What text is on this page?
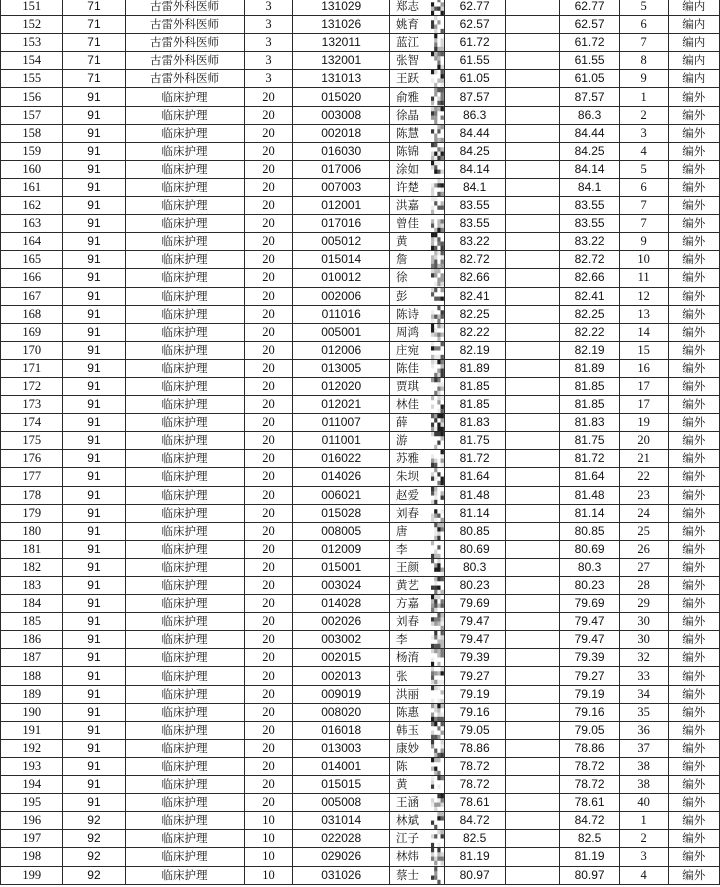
151	71	古雷外科医师	3	131029	郑志		62.77		62.77	5	编内
152	71	古雷外科医师	3	131026	姚育		62.57		62.57	6	编内
153	71	古雷外科医师	3	132011	蓝江		61.72		61.72	7	编内
154	71	古雷外科医师	3	132001	张智		61.55		61.55	8	编内
155	71	古雷外科医师	3	131013	王跃		61.05		61.05	9	编内
156	91	临床护理	20	015020	俞雅		87.57		87.57	1	编外
157	91	临床护理	20	003008	徐晶		86.3		86.3	2	编外
158	91	临床护理	20	002018	陈慧		84.44		84.44	3	编外
159	91	临床护理	20	016030	陈锦		84.25		84.25	4	编外
160	91	临床护理	20	017006	涂如		84.14		84.14	5	编外
161	91	临床护理	20	007003	许楚		84.1		84.1	6	编外
162	91	临床护理	20	012001	洪嘉		83.55		83.55	7	编外
163	91	临床护理	20	017016	曾佳		83.55		83.55	7	编外
164	91	临床护理	20	005012	黄		83.22		83.22	9	编外
165	91	临床护理	20	015014	詹		82.72		82.72	10	编外
166	91	临床护理	20	010012	徐		82.66		82.66	11	编外
167	91	临床护理	20	002006	彭		82.41		82.41	12	编外
168	91	临床护理	20	011016	陈诗		82.25		82.25	13	编外
169	91	临床护理	20	005001	周鸿		82.22		82.22	14	编外
170	91	临床护理	20	012006	庄宛		82.19		82.19	15	编外
171	91	临床护理	20	013005	陈佳		81.89		81.89	16	编外
172	91	临床护理	20	012020	贾琪		81.85		81.85	17	编外
173	91	临床护理	20	012021	林佳		81.85		81.85	17	编外
174	91	临床护理	20	011007	薛		81.83		81.83	19	编外
175	91	临床护理	20	011001	游		81.75		81.75	20	编外
176	91	临床护理	20	016022	苏雅		81.72		81.72	21	编外
177	91	临床护理	20	014026	朱坝		81.64		81.64	22	编外
178	91	临床护理	20	006021	赵爱		81.48		81.48	23	编外
179	91	临床护理	20	015028	刘春		81.14		81.14	24	编外
180	91	临床护理	20	008005	唐		80.85		80.85	25	编外
181	91	临床护理	20	012009	李		80.69		80.69	26	编外
182	91	临床护理	20	015001	王颜		80.3		80.3	27	编外
183	91	临床护理	20	003024	黄艺		80.23		80.23	28	编外
184	91	临床护理	20	014028	方嘉		79.69		79.69	29	编外
185	91	临床护理	20	002026	刘春		79.47		79.47	30	编外
186	91	临床护理	20	003002	李		79.47		79.47	30	编外
187	91	临床护理	20	002015	杨淯		79.39		79.39	32	编外
188	91	临床护理	20	002013	张		79.27		79.27	33	编外
189	91	临床护理	20	009019	洪丽		79.19		79.19	34	编外
190	91	临床护理	20	008020	陈惠		79.16		79.16	35	编外
191	91	临床护理	20	016018	韩玉		79.05		79.05	36	编外
192	91	临床护理	20	013003	康妙		78.86		78.86	37	编外
193	91	临床护理	20	014001	陈		78.72		78.72	38	编外
194	91	临床护理	20	015015	黄		78.72		78.72	38	编外
195	91	临床护理	20	005008	王涵		78.61		78.61	40	编外
196	92	临床护理	10	031014	林斌		84.72		84.72	1	编外
197	92	临床护理	10	022028	江子		82.5		82.5	2	编外
198	92	临床护理	10	029026	林炜		81.19		81.19	3	编外
199	92	临床护理	10	031026	蔡士		80.97		80.97	4	编外
